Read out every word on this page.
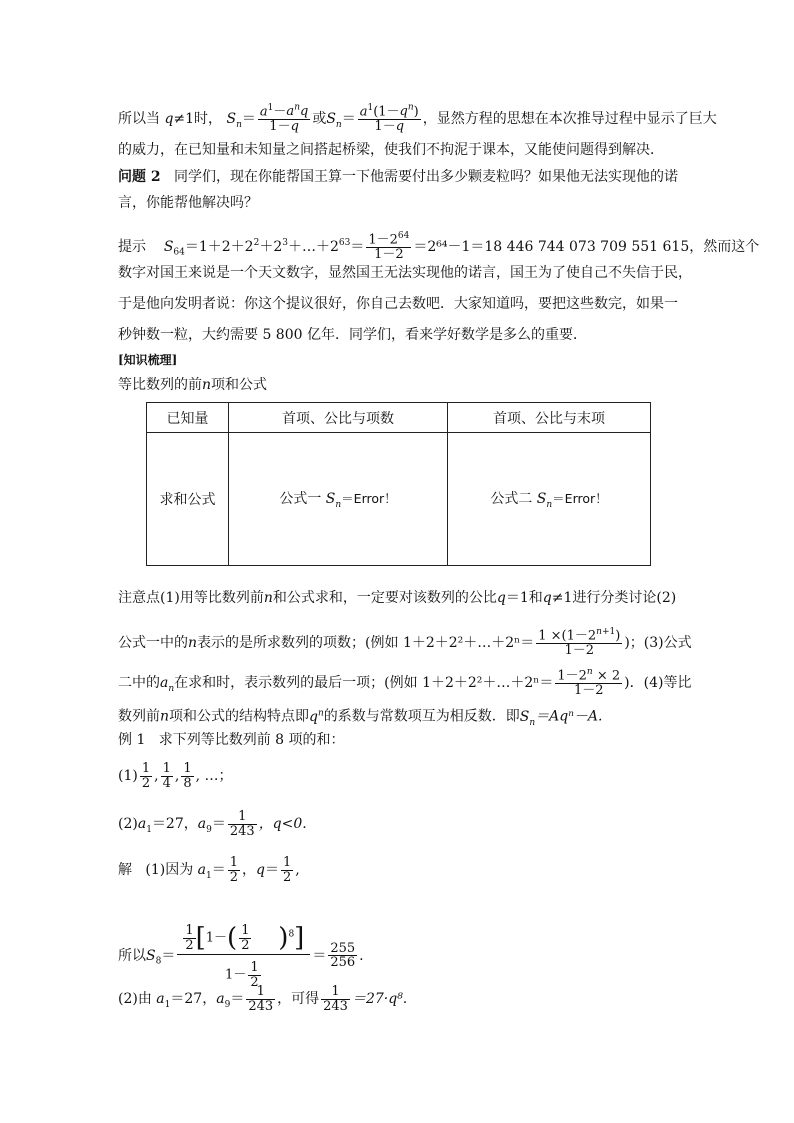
所以当 q≠1时， $S_n= \frac{a^1-a^nq}{1-q}$ 或$S_n= \frac{a^1(1-q^n)}{1-q}$ ，显然方程的思想在本次推导过程中显示了巨大
的威力，在已知量和未知量之间搭起桥梁，使我们不拘泥于课本，又能使问题得到解决．
问题 2 同学们，现在你能帮国王算一下他需要付出多少颗麦粒吗？如果他无法实现他的诺
言，你能帮他解决吗？
提示 $S_{64}=1+2+2^2+2^3+\dots+2^{63}= \frac{1-2^{64}}{1-2} =2^{64}-1=18$ 446 744 073 709 551 615，然而这个
数字对国王来说是一个天文数字，显然国王无法实现他的诺言，国王为了使自己不失信于民，
于是他向发明者说：你这个提议很好，你自己去数吧．大家知道吗，要把这些数完，如果一
秒钟数一粒，大约需要 5 800 亿年．同学们，看来学好数学是多么的重要．
[知识梳理]
等比数列的前n项和公式
已知量	首项、公比与项数	首项、公比与末项
求和公式	公式一 $S_n=Error$！	公式二 $S_n=Error$！
注意点(1)用等比数列前n和公式求和，一定要对该数列的公比q＝1和q≠1进行分类讨论(2)
公式一中的n表示的是所求数列的项数；(例如 1＋2＋2²＋…＋2ⁿ＝ $\frac{1 \times(1-2^{n+1})}{1-2}$ )；(3)公式
二中的$a_n$在求和时，表示数列的最后一项；(例如 1＋2＋2²＋…＋2ⁿ＝ $\frac{1-2^n \times 2}{1-2}$ )．(4)等比
数列前n项和公式的结构特点即$q^n$的系数与常数项互为相反数．即$S_n=Aq^n-A$.
例 1 求下列等比数列前 8 项的和：
$(1) \frac{1}{2}$ , $\frac{1}{4}$ , $\frac{1}{8}$ , …；
$(2)a_1=27$，$a_9= \frac{1}{243}$ ，q<0.
解 (1)因为 $a_1= \frac{1}{2}$ ，$q= \frac{1}{2}$ ,
所以$S_8= \frac{\frac{1}{2} [1-( \frac{1}{2} )^8]}{1- \frac{1}{2}} = \frac{255}{256}$ .
(2)由 $a_1=27$，$a_9= \frac{1}{243}$ ，可得 $\frac{1}{243} =27\cdot q^8$.
